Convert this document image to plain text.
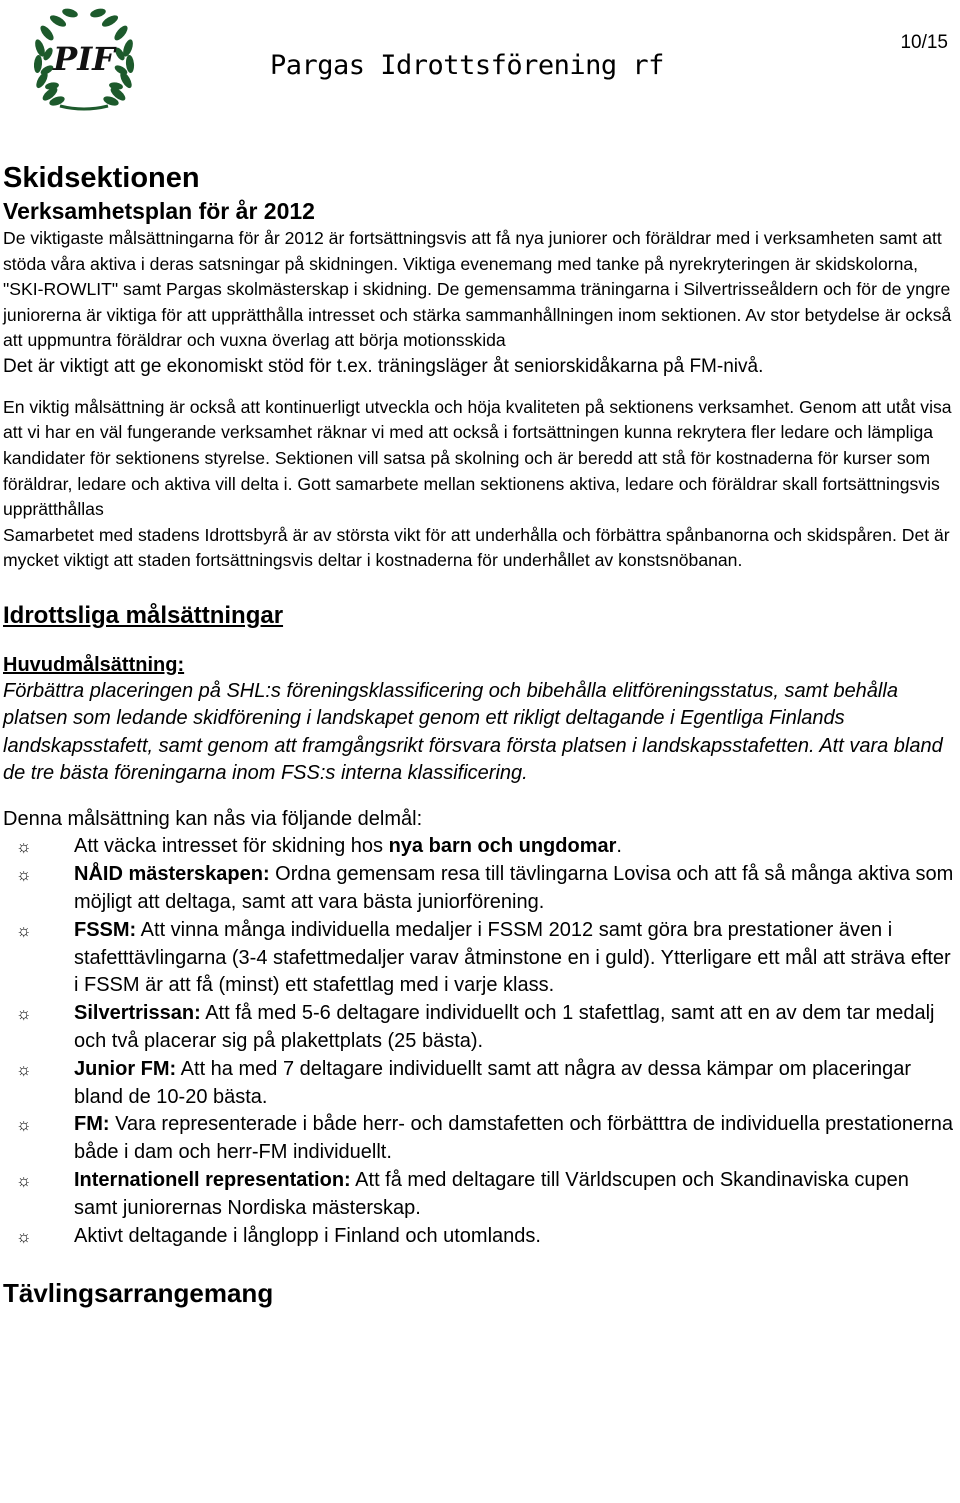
PIF	Pargas Idrottsförening rf
10/15
Skidsektionen
Verksamhetsplan för år 2012

De viktigaste målsättningarna för år 2012 är fortsättningsvis att få nya juniorer och föräldrar med i verksamheten samt att stöda våra aktiva i deras satsningar på skidningen. Viktiga evenemang med tanke på nyrekryteringen är skidskolorna, "SKI-ROWLIT" samt Pargas skolmästerskap i skidning. De gemensamma träningarna i Silvertrisseåldern och för de yngre juniorerna är viktiga för att upprätthålla intresset och stärka sammanhållningen inom sektionen. Av stor betydelse är också att uppmuntra föräldrar och vuxna överlag att börja motionsskida

Det är viktigt att ge ekonomiskt stöd för t.ex. träningsläger åt seniorskidåkarna på FM-nivå.

En viktig målsättning är också att kontinuerligt utveckla och höja kvaliteten på sektionens verksamhet. Genom att utåt visa att vi har en väl fungerande verksamhet räknar vi med att också i fortsättningen kunna rekrytera fler ledare och lämpliga kandidater för sektionens styrelse. Sektionen vill satsa på skolning och är beredd att stå för kostnaderna för kurser som föräldrar, ledare och aktiva vill delta i. Gott samarbete mellan sektionens aktiva, ledare och föräldrar skall fortsättningsvis upprätthållas

Samarbetet med stadens Idrottsbyrå är av största vikt för att underhålla och förbättra spånbanorna och skidspåren. Det är mycket viktigt att staden fortsättningsvis deltar i kostnaderna för underhållet av konstsnöbanan.

Idrottsliga målsättningar
Huvudmålsättning:

Förbättra placeringen på SHL:s föreningsklassificering och bibehålla elitföreningsstatus, samt behålla platsen som ledande skidförening i landskapet genom ett rikligt deltagande i Egentliga Finlands landskapsstafett, samt genom att framgångsrikt försvara första platsen i landskapsstafetten. Att vara bland de tre bästa föreningarna inom FSS:s interna klassificering.

Denna målsättning kan nås via följande delmål:

☼ Att väcka intresset för skidning hos nya barn och ungdomar.
☼ NÅID mästerskapen: Ordna gemensam resa till tävlingarna Lovisa och att få så många aktiva som möjligt att deltaga, samt att vara bästa juniorförening.
☼ FSSM: Att vinna många individuella medaljer i FSSM 2012 samt göra bra prestationer även i stafetttävlingarna (3-4 stafettmedaljer varav åtminstone en i guld). Ytterligare ett mål att sträva efter i FSSM är att få (minst) ett stafettlag med i varje klass.
☼ Silvertrissan: Att få med 5-6 deltagare individuellt och 1 stafettlag, samt att en av dem tar medalj och två placerar sig på plakettplats (25 bästa).
☼ Junior FM: Att ha med 7 deltagare individuellt samt att några av dessa kämpar om placeringar bland de 10-20 bästa.
☼ FM: Vara representerade i både herr- och damstafetten och förbätttra de individuella prestationerna både i dam och herr-FM individuellt.
☼ Internationell representation: Att få med deltagare till Världscupen och Skandinaviska cupen samt juniorernas Nordiska mästerskap.
☼ Aktivt deltagande i långlopp i Finland och utomlands.
Tävlingsarrangemang
